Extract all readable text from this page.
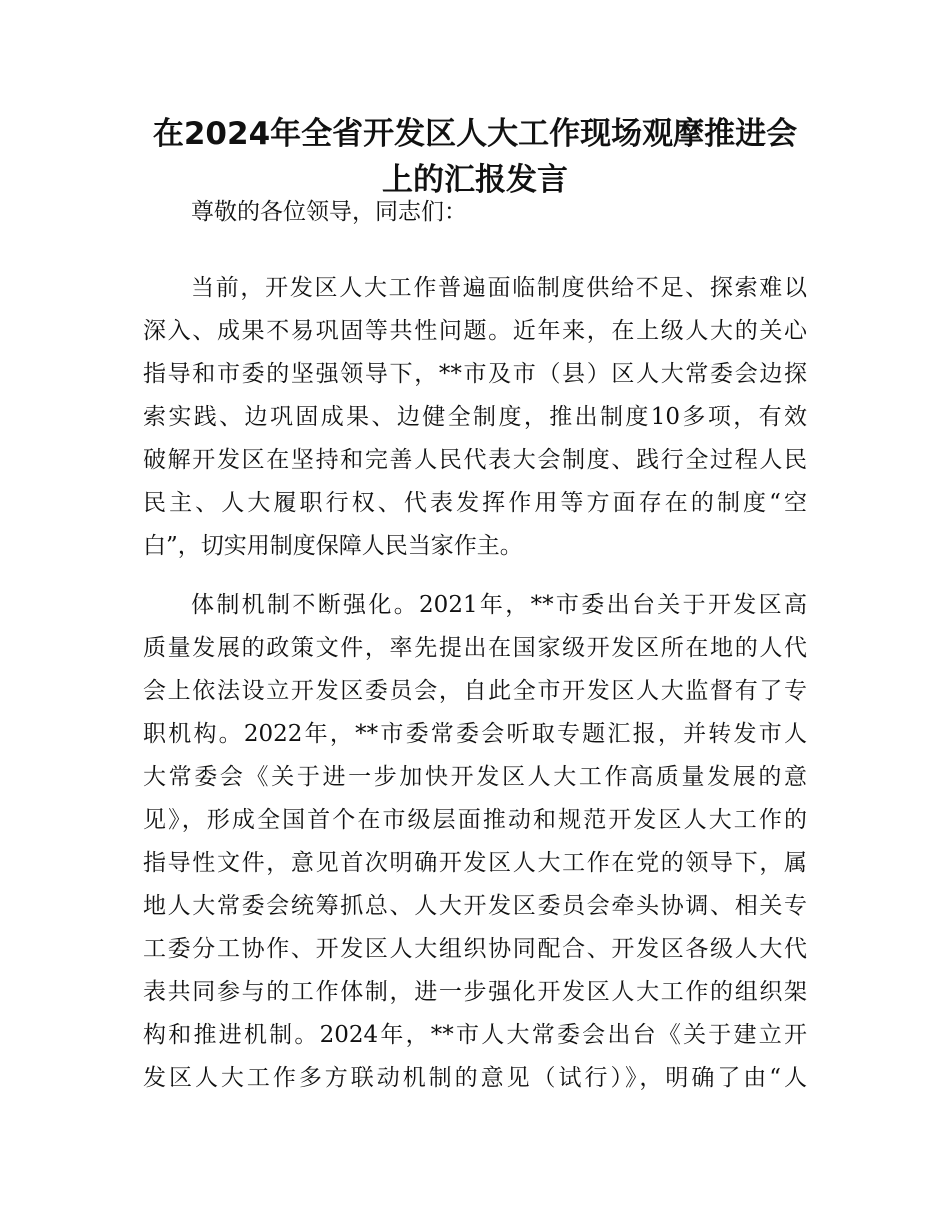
在2024年全省开发区人大工作现场观摩推进会
上的汇报发言
尊敬的各位领导，同志们：
当前，开发区人大工作普遍面临制度供给不足、探索难以
深入、成果不易巩固等共性问题。近年来，在上级人大的关心
指导和市委的坚强领导下，**市及市（县）区人大常委会边探
索实践、边巩固成果、边健全制度，推出制度10多项，有效
破解开发区在坚持和完善人民代表大会制度、践行全过程人民
民主、人大履职行权、代表发挥作用等方面存在的制度“空
白”，切实用制度保障人民当家作主。
体制机制不断强化。2021年，**市委出台关于开发区高
质量发展的政策文件，率先提出在国家级开发区所在地的人代
会上依法设立开发区委员会，自此全市开发区人大监督有了专
职机构。2022年，**市委常委会听取专题汇报，并转发市人
大常委会《关于进一步加快开发区人大工作高质量发展的意
见》，形成全国首个在市级层面推动和规范开发区人大工作的
指导性文件，意见首次明确开发区人大工作在党的领导下，属
地人大常委会统筹抓总、人大开发区委员会牵头协调、相关专
工委分工协作、开发区人大组织协同配合、开发区各级人大代
表共同参与的工作体制，进一步强化开发区人大工作的组织架
构和推进机制。2024年，**市人大常委会出台《关于建立开
发区人大工作多方联动机制的意见（试行）》，明确了由“人
